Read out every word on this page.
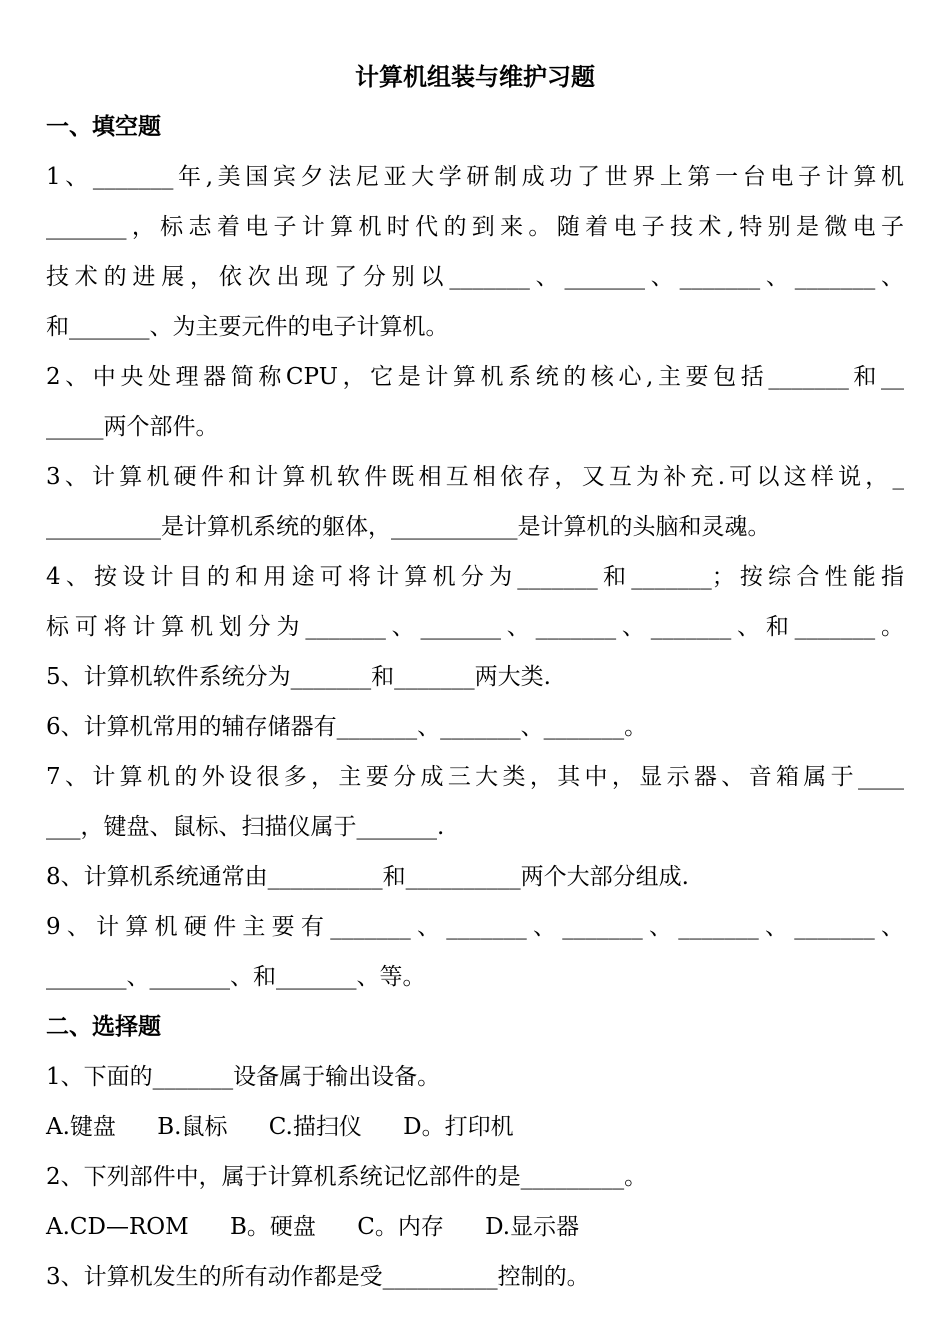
计算机组装与维护习题
一、填空题
1、_______年,美国宾夕法尼亚大学研制成功了世界上第一台电子计算机
_______，标志着电子计算机时代的到来。随着电子技术,特别是微电子
技术的进展，依次出现了分别以_______、_______、_______、_______、
和_______、为主要元件的电子计算机。
2、中央处理器简称CPU，它是计算机系统的核心,主要包括_______和__
_____两个部件。
3、计算机硬件和计算机软件既相互相依存，又互为补充.可以这样说，_
__________是计算机系统的躯体，___________是计算机的头脑和灵魂。
4、按设计目的和用途可将计算机分为_______和_______；按综合性能指
标可将计算机划分为_______、_______、_______、_______、和_______。
5、计算机软件系统分为_______和_______两大类.
6、计算机常用的辅存储器有_______、_______、_______。
7、计算机的外设很多，主要分成三大类，其中，显示器、音箱属于____
___，键盘、鼠标、扫描仪属于_______.
8、计算机系统通常由__________和__________两个大部分组成.
9、计算机硬件主要有_______、_______、_______、_______、_______、
_______、_______、和_______、等。
二、选择题
1、下面的_______设备属于输出设备。
A.键盘 B.鼠标 C.描扫仪 D。打印机
2、下列部件中，属于计算机系统记忆部件的是_________。
A.CD—ROM B。硬盘 C。内存 D.显示器
3、计算机发生的所有动作都是受__________控制的。
